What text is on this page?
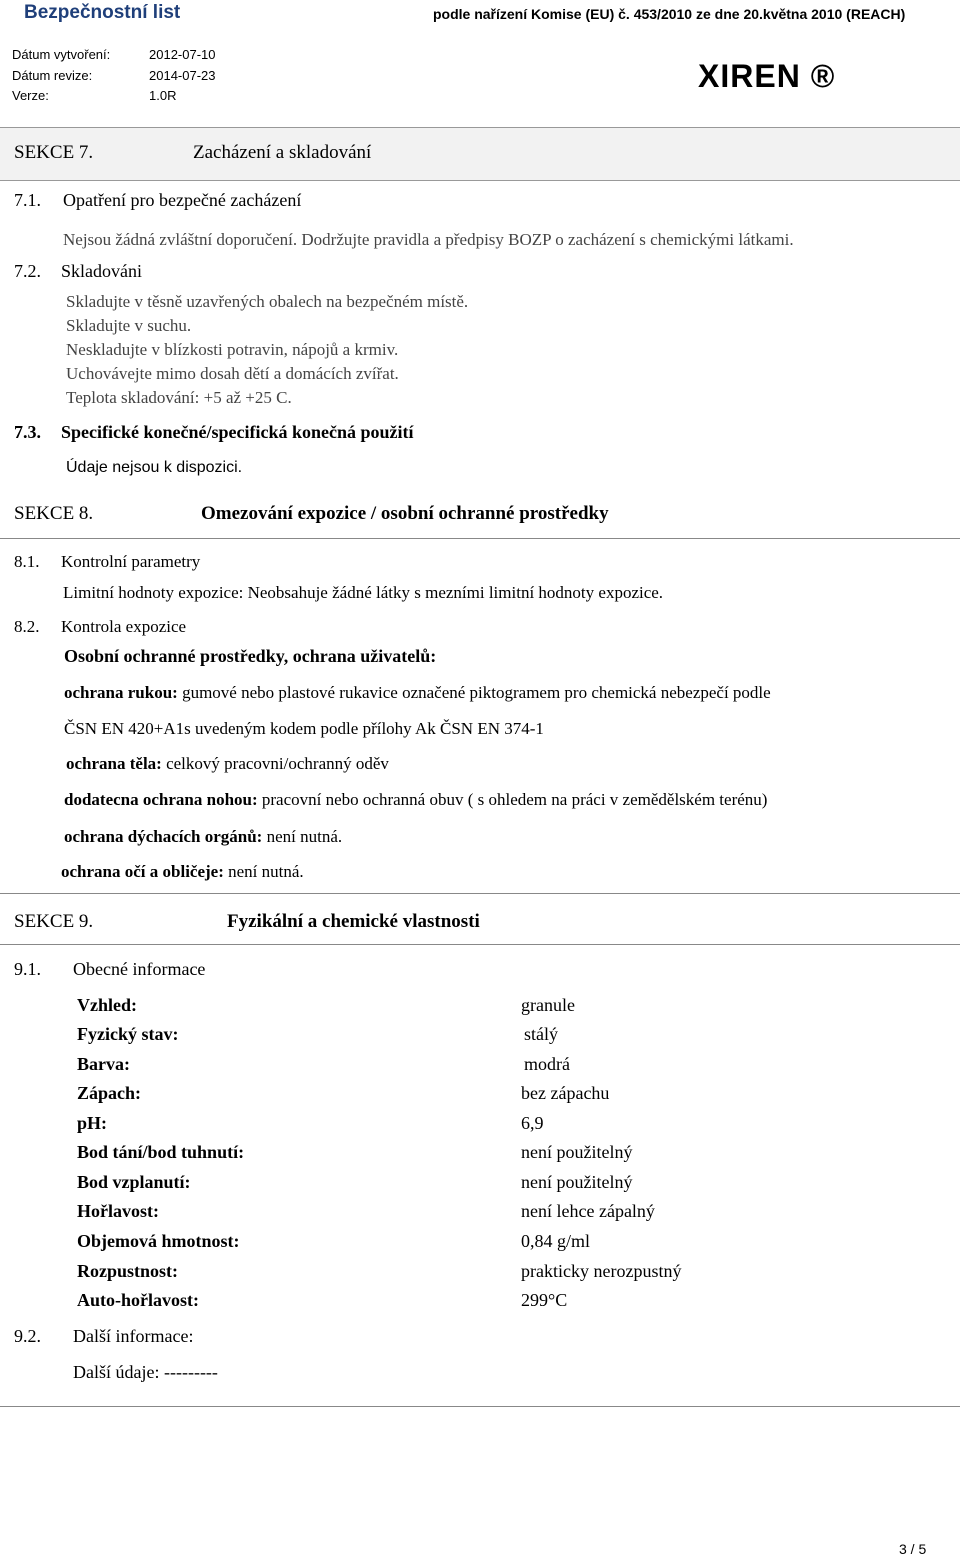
Bezpečnostní list	podle nařízení Komise (EU) č. 453/2010 ze dne 20.května 2010 (REACH)
Dátum vytvoření:	2012-07-10
Dátum revize:	2014-07-23
Verze:	1.0R
XIREN ®
SEKCE 7.	Zacházení a skladování
7.1. Opatření pro bezpečné zacházení
Nejsou žádná zvláštní doporučení. Dodržujte pravidla a předpisy BOZP o zacházení s chemickými látkami.
7.2. Skladováni
Skladujte v těsně uzavřených obalech na bezpečném místě.
Skladujte v suchu.
Neskladujte v blízkosti potravin, nápojů a krmiv.
Uchovávejte mimo dosah dětí a domácích zvířat.
Teplota skladování: +5 až +25 C.
7.3. Specifické konečné/specifická konečná použití
Údaje nejsou k dispozici.
SEKCE 8.	Omezování expozice / osobní ochranné prostředky
8.1. Kontrolní parametry
Limitní hodnoty expozice: Neobsahuje žádné látky s mezními limitní hodnoty expozice.
8.2. Kontrola expozice
Osobní ochranné prostředky, ochrana uživatelů:
ochrana rukou: gumové nebo plastové rukavice označené piktogramem pro chemická nebezpečí podle
ČSN EN 420+A1s uvedeným kodem podle přílohy Ak ČSN EN 374-1
ochrana těla: celkový pracovni/ochranný oděv
dodatecna ochrana nohou: pracovní nebo ochranná obuv ( s ohledem na práci v zemědělském terénu)
ochrana dýchacích orgánů: není nutná.
ochrana očí a obličeje: není nutná.
SEKCE 9.	Fyzikální a chemické vlastnosti
9.1. Obecné informace
Vzhled:	granule
Fyzický stav:	stálý
Barva:	modrá
Zápach:	bez zápachu
pH:	6,9
Bod tání/bod tuhnutí:	není použitelný
Bod vzplanutí:	není použitelný
Hořlavost:	není lehce zápalný
Objemová hmotnost:	0,84 g/ml
Rozpustnost:	prakticky nerozpustný
Auto-hořlavost:	299°C
9.2. Další informace:
Další údaje: ---------
3 / 5
